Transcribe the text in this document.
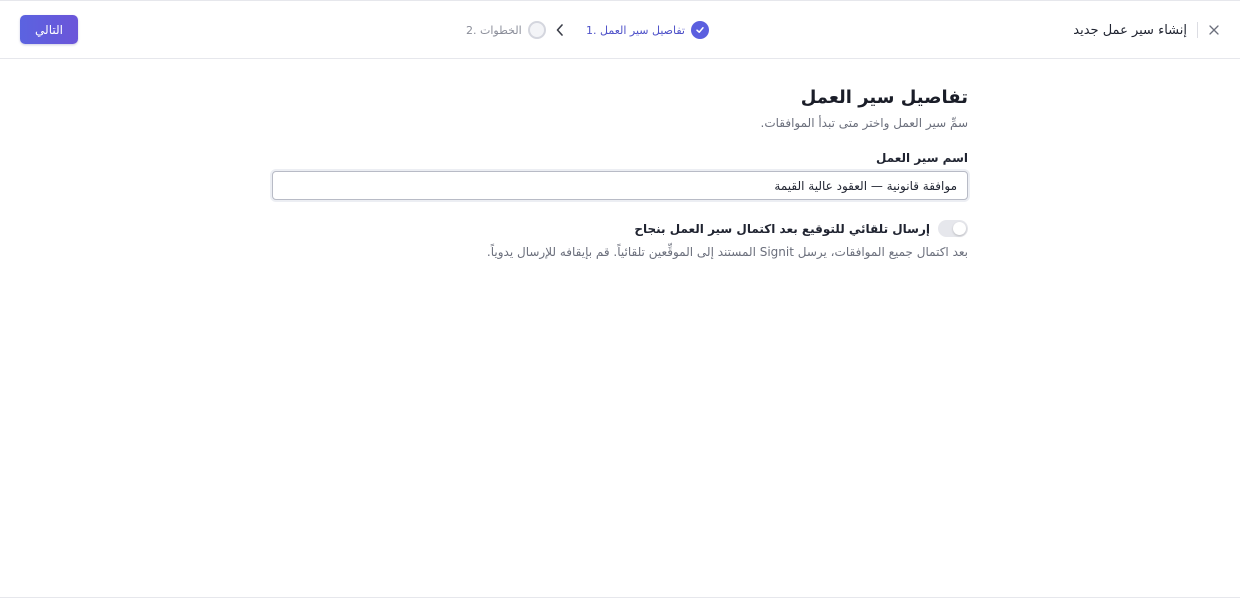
التالي	2. الخطوات	1. تفاصيل سير العمل	إنشاء سير عمل جديد
تفاصيل سير العمل
سمِّ سير العمل واختر متى تبدأ الموافقات.
اسم سير العمل
موافقة قانونية — العقود عالية القيمة
إرسال تلقائي للتوقيع بعد اكتمال سير العمل بنجاح
بعد اكتمال جميع الموافقات، يرسل Signit المستند إلى الموقِّعين تلقائياً. قم بإيقافه للإرسال يدوياً.
